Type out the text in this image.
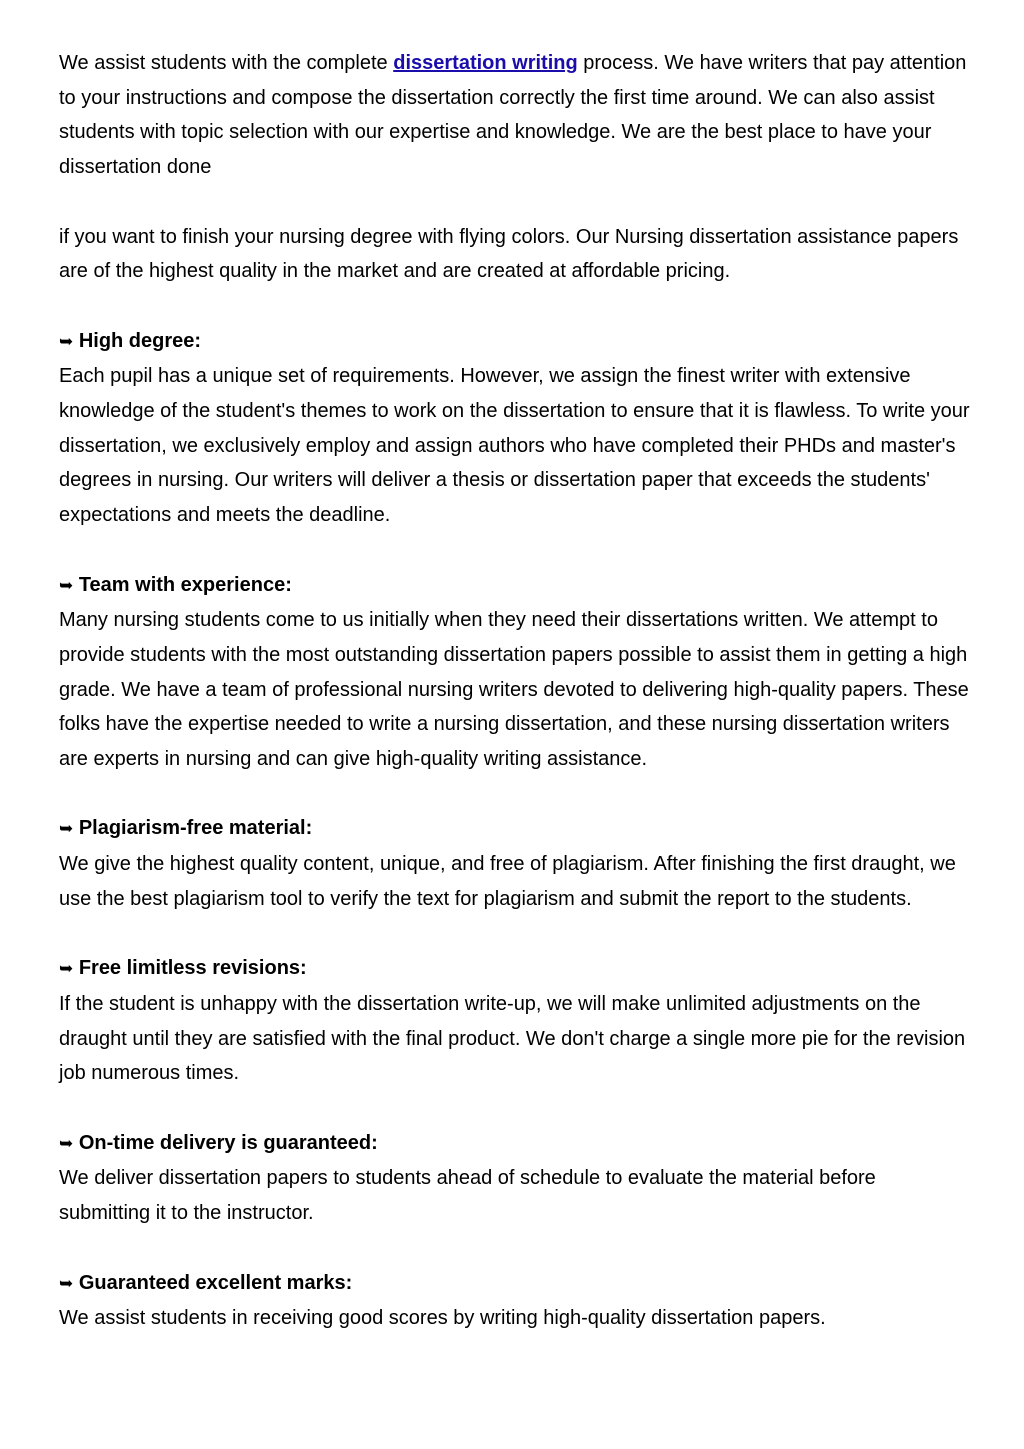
We assist students with the complete dissertation writing process. We have writers that pay attention to your instructions and compose the dissertation correctly the first time around. We can also assist students with topic selection with our expertise and knowledge. We are the best place to have your dissertation done

if you want to finish your nursing degree with flying colors. Our Nursing dissertation assistance papers are of the highest quality in the market and are created at affordable pricing.

➥ High degree:
Each pupil has a unique set of requirements. However, we assign the finest writer with extensive knowledge of the student's themes to work on the dissertation to ensure that it is flawless. To write your dissertation, we exclusively employ and assign authors who have completed their PHDs and master's degrees in nursing. Our writers will deliver a thesis or dissertation paper that exceeds the students' expectations and meets the deadline.
➥ Team with experience:
Many nursing students come to us initially when they need their dissertations written. We attempt to provide students with the most outstanding dissertation papers possible to assist them in getting a high grade. We have a team of professional nursing writers devoted to delivering high-quality papers. These folks have the expertise needed to write a nursing dissertation, and these nursing dissertation writers are experts in nursing and can give high-quality writing assistance.
➥ Plagiarism-free material:
We give the highest quality content, unique, and free of plagiarism. After finishing the first draught, we use the best plagiarism tool to verify the text for plagiarism and submit the report to the students.
➥ Free limitless revisions:
If the student is unhappy with the dissertation write-up, we will make unlimited adjustments on the draught until they are satisfied with the final product. We don't charge a single more pie for the revision job numerous times.
➥ On-time delivery is guaranteed:
We deliver dissertation papers to students ahead of schedule to evaluate the material before submitting it to the instructor.
➥ Guaranteed excellent marks:
We assist students in receiving good scores by writing high-quality dissertation papers.
